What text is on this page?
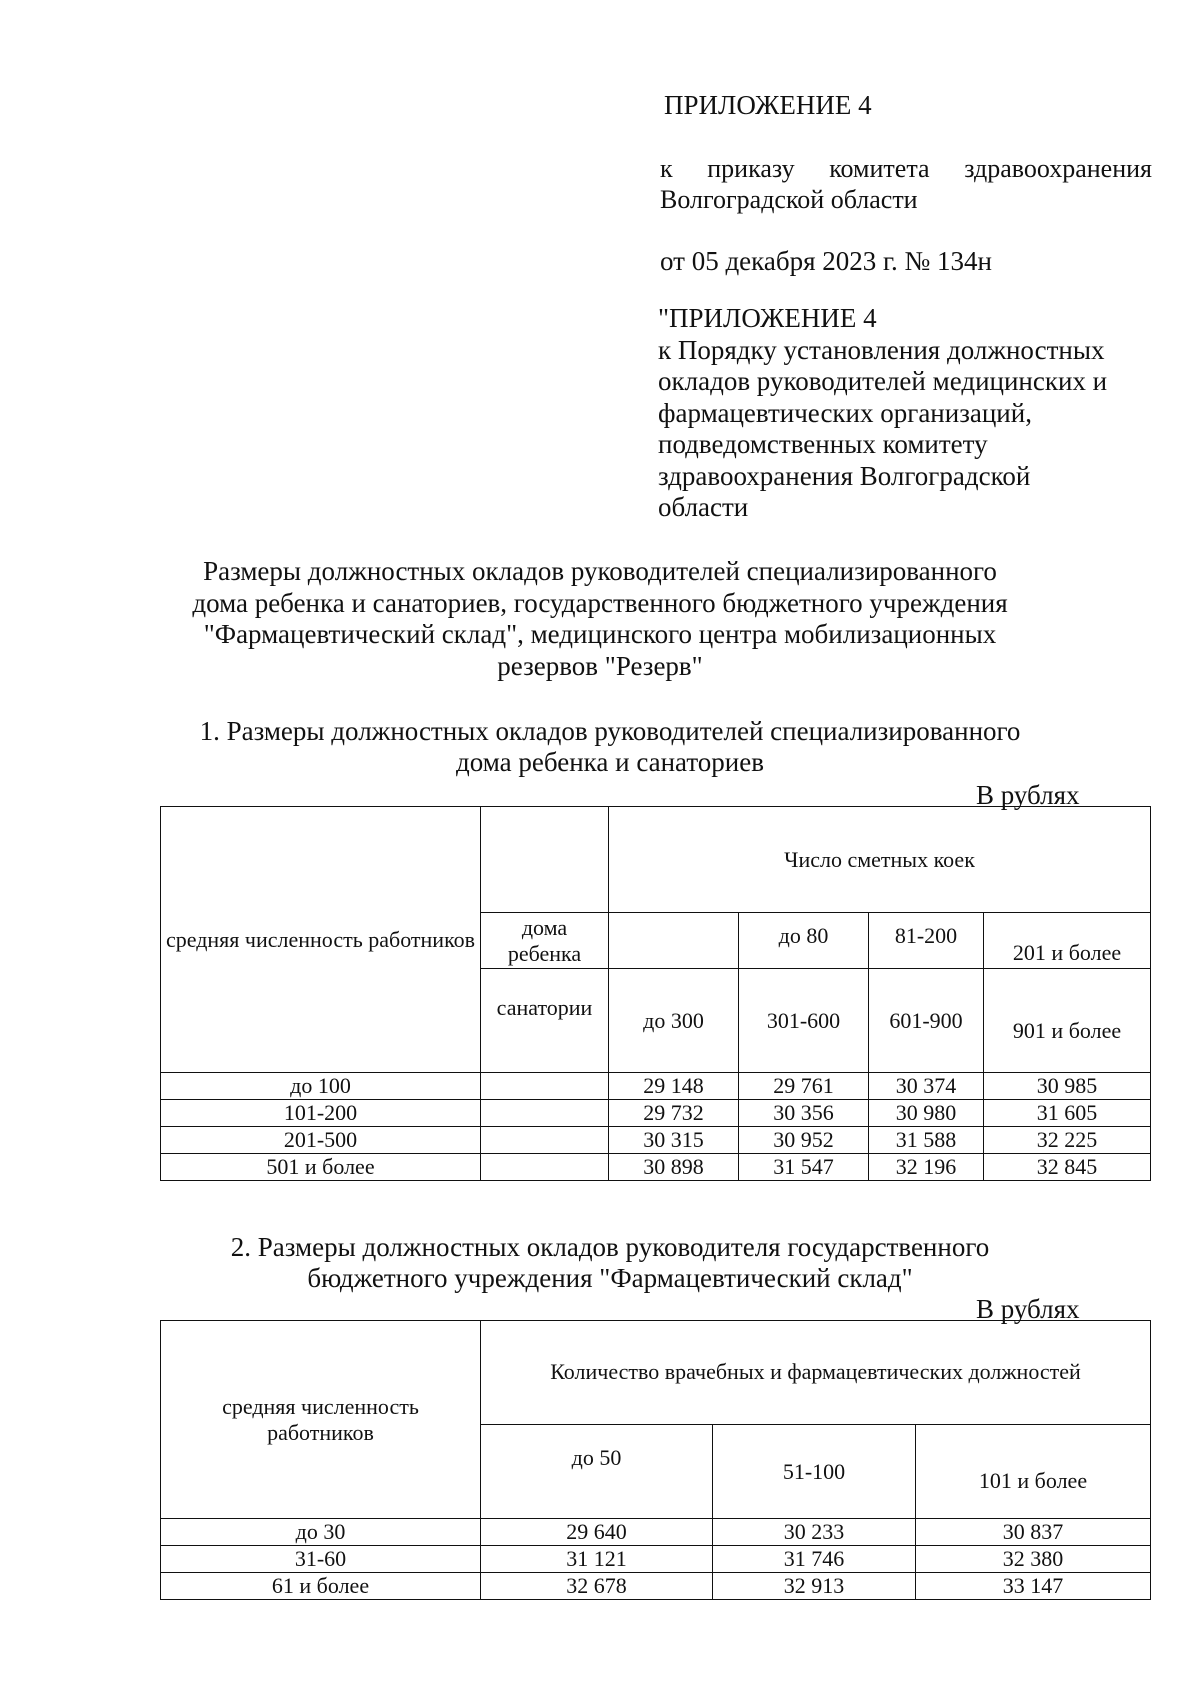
ПРИЛОЖЕНИЕ 4
к приказу комитета здравоохранения
Волгоградской области
от 05 декабря 2023 г. № 134н
"ПРИЛОЖЕНИЕ 4
к Порядку установления должностных
окладов руководителей медицинских и
фармацевтических организаций,
подведомственных комитету
здравоохранения Волгоградской
области
Размеры должностных окладов руководителей специализированного
дома ребенка и санаториев, государственного бюджетного учреждения
"Фармацевтический склад", медицинского центра мобилизационных
резервов "Резерв"
1. Размеры должностных окладов руководителей специализированного
дома ребенка и санаториев
В рублях
средняя численность работников		Число сметных коек			
	дома ребенка		до 80	81-200	201 и более
	санатории	до 300	301-600	601-900	901 и более
до 100		29 148	29 761	30 374	30 985
101-200		29 732	30 356	30 980	31 605
201-500		30 315	30 952	31 588	32 225
501 и более		30 898	31 547	32 196	32 845
2. Размеры должностных окладов руководителя государственного
бюджетного учреждения "Фармацевтический склад"
В рублях
средняя численность работников	Количество врачебных и фармацевтических должностей		
	до 50	51-100	101 и более
до 30	29 640	30 233	30 837
31-60	31 121	31 746	32 380
61 и более	32 678	32 913	33 147
